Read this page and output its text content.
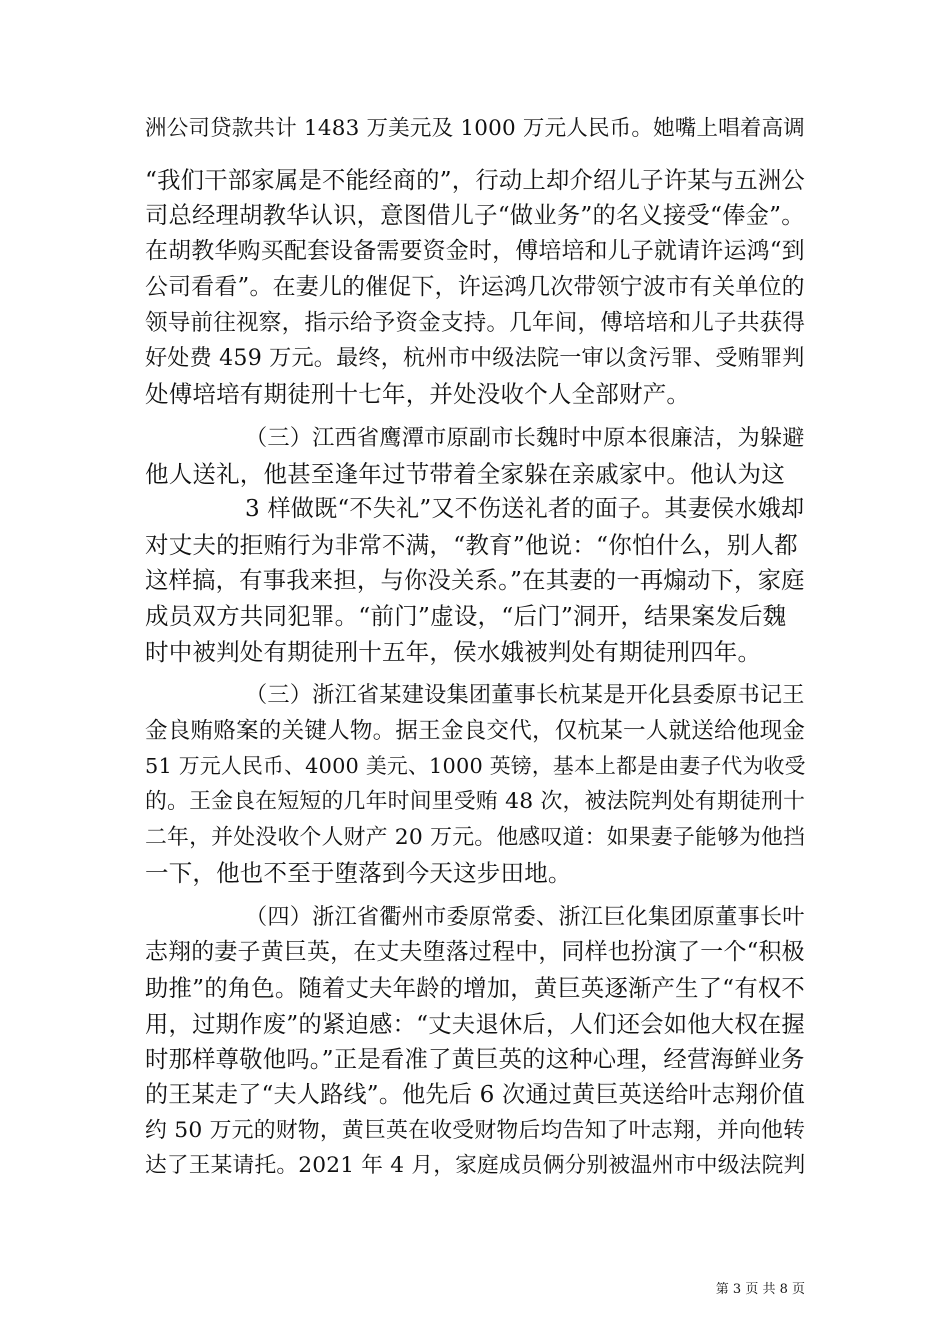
洲公司贷款共计 1483 万美元及 1000 万元人民币。她嘴上唱着高调
“我们干部家属是不能经商的”，行动上却介绍儿子许某与五洲公
司总经理胡教华认识，意图借儿子“做业务”的名义接受“俸金”。
在胡教华购买配套设备需要资金时，傅培培和儿子就请许运鸿“到
公司看看”。在妻儿的催促下，许运鸿几次带领宁波市有关单位的
领导前往视察，指示给予资金支持。几年间，傅培培和儿子共获得
好处费 459 万元。最终，杭州市中级法院一审以贪污罪、受贿罪判
处傅培培有期徒刑十七年，并处没收个人全部财产。
（三）江西省鹰潭市原副市长魏时中原本很廉洁，为躲避
他人送礼，他甚至逢年过节带着全家躲在亲戚家中。他认为这
3 样做既“不失礼”又不伤送礼者的面子。其妻侯水娥却
对丈夫的拒贿行为非常不满，“教育”他说：“你怕什么，别人都
这样搞，有事我来担，与你没关系。”在其妻的一再煽动下，家庭
成员双方共同犯罪。“前门”虚设，“后门”洞开，结果案发后魏
时中被判处有期徒刑十五年，侯水娥被判处有期徒刑四年。
（三）浙江省某建设集团董事长杭某是开化县委原书记王
金良贿赂案的关键人物。据王金良交代，仅杭某一人就送给他现金
51 万元人民币、4000 美元、1000 英镑，基本上都是由妻子代为收受
的。王金良在短短的几年时间里受贿 48 次，被法院判处有期徒刑十
二年，并处没收个人财产 20 万元。他感叹道：如果妻子能够为他挡
一下，他也不至于堕落到今天这步田地。
（四）浙江省衢州市委原常委、浙江巨化集团原董事长叶
志翔的妻子黄巨英，在丈夫堕落过程中，同样也扮演了一个“积极
助推”的角色。随着丈夫年龄的增加，黄巨英逐渐产生了“有权不
用，过期作废”的紧迫感：“丈夫退休后，人们还会如他大权在握
时那样尊敬他吗。”正是看准了黄巨英的这种心理，经营海鲜业务
的王某走了“夫人路线”。他先后 6 次通过黄巨英送给叶志翔价值
约 50 万元的财物，黄巨英在收受财物后均告知了叶志翔，并向他转
达了王某请托。2021 年 4 月，家庭成员俩分别被温州市中级法院判
第 3 页 共 8 页
